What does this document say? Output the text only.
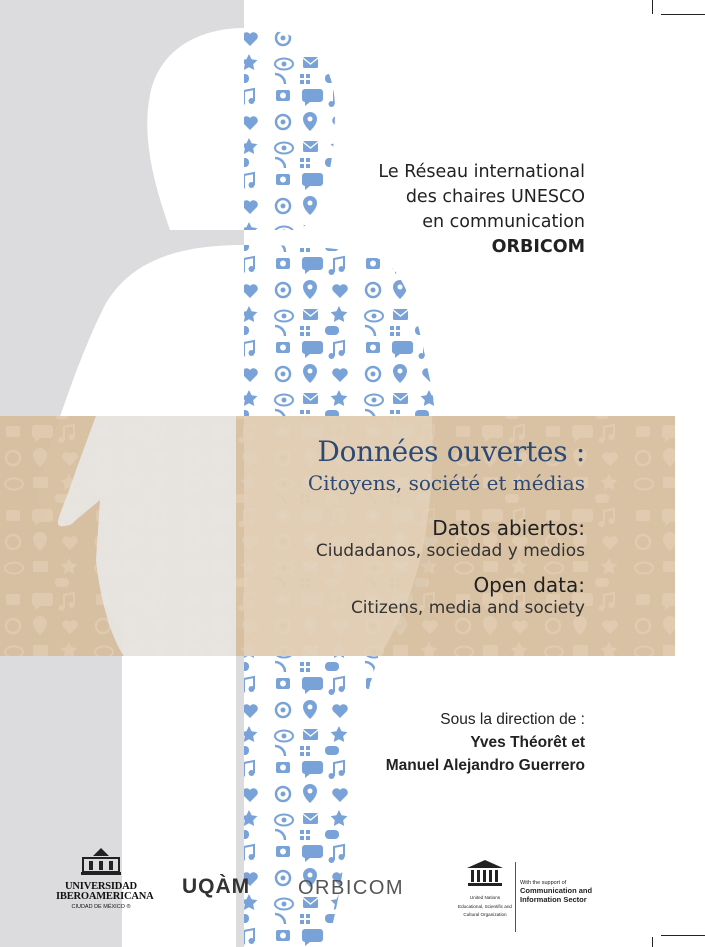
Le Réseau international
des chaires UNESCO
en communication
ORBICOM
Données ouvertes :
Citoyens, société et médias
Datos abiertos:
Ciudadanos, sociedad y medios
Open data:
Citizens, media and society
Sous la direction de :
Yves Théorêt et
Manuel Alejandro Guerrero
UNIVERSIDAD IBEROAMERICANA
CIUDAD DE MÉXICO ®
UQÀM ORBICOM	United Nations
Educational, Scientific and
Cultural Organization
With the support of
Communication and
Information Sector
